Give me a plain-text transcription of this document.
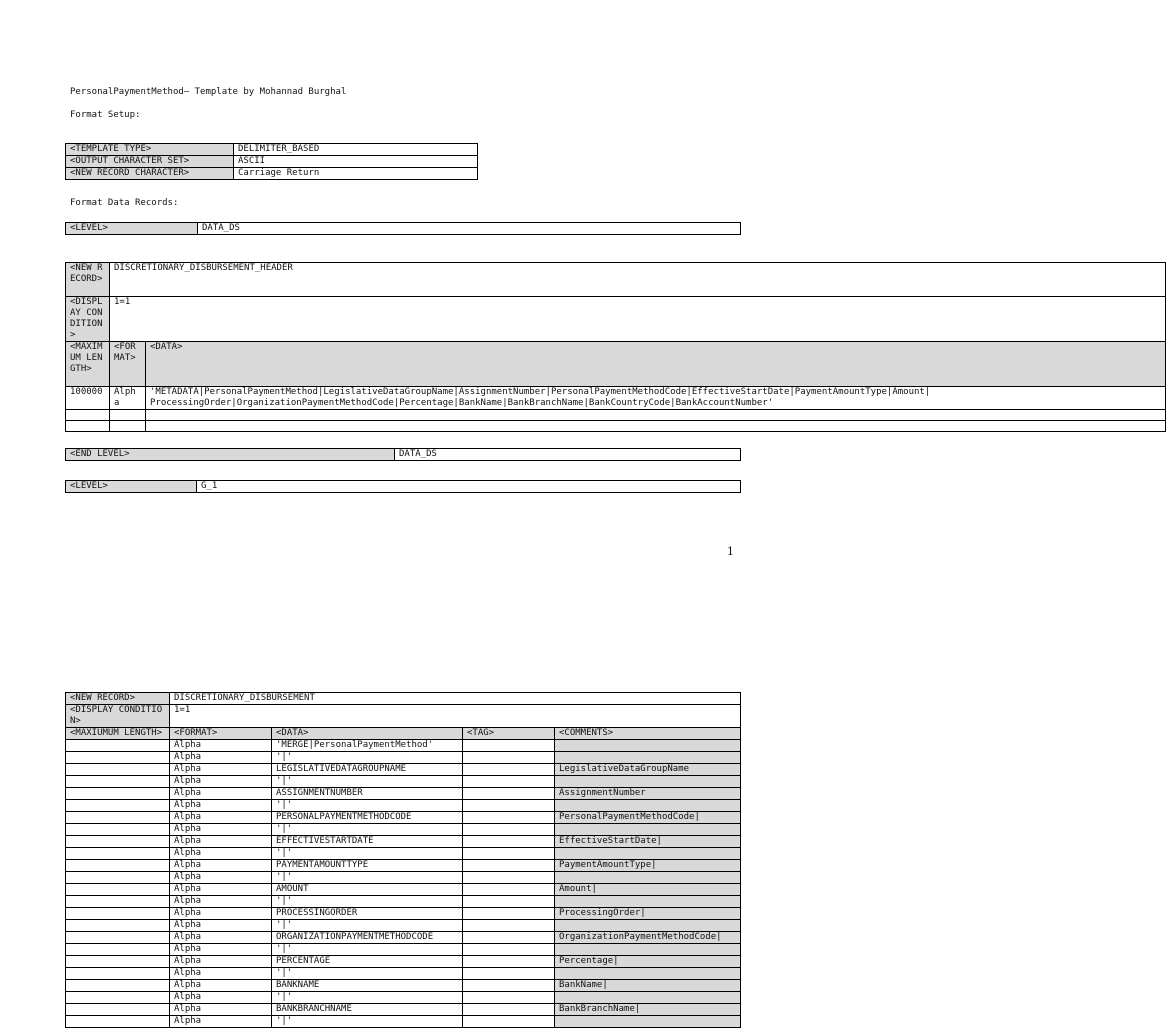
PersonalPaymentMethod– Template by Mohannad Burghal
Format Setup:
<TEMPLATE TYPE>	DELIMITER_BASED
<OUTPUT CHARACTER SET>	ASCII
<NEW RECORD CHARACTER>	Carriage Return
Format Data Records:
<LEVEL>	DATA_DS
<NEW RECORD>	DISCRETIONARY_DISBURSEMENT_HEADER	
<DISPLAY CONDITION>	1=1	
<MAXIMUM LENGTH>	<FORMAT>	<DATA>
100000	Alpha	'METADATA|PersonalPaymentMethod|LegislativeDataGroupName|AssignmentNumber|PersonalPaymentMethodCode|EffectiveStartDate|PaymentAmountType|Amount|
ProcessingOrder|OrganizationPaymentMethodCode|Percentage|BankName|BankBranchName|BankCountryCode|BankAccountNumber'

<END LEVEL>	DATA_DS
<LEVEL>	G_1
1
<NEW RECORD>	DISCRETIONARY_DISBURSEMENT			
<DISPLAY CONDITION>	1=1			
<MAXIUMUM LENGTH>	<FORMAT>	<DATA>	<TAG>	<COMMENTS>
	Alpha	'MERGE|PersonalPaymentMethod'		
	Alpha	'|'		
	Alpha	LEGISLATIVEDATAGROUPNAME		LegislativeDataGroupName
	Alpha	'|'		
	Alpha	ASSIGNMENTNUMBER		AssignmentNumber
	Alpha	'|'		
	Alpha	PERSONALPAYMENTMETHODCODE		PersonalPaymentMethodCode|
	Alpha	'|'		
	Alpha	EFFECTIVESTARTDATE		EffectiveStartDate|
	Alpha	'|'		
	Alpha	PAYMENTAMOUNTTYPE		PaymentAmountType|
	Alpha	'|'		
	Alpha	AMOUNT		Amount|
	Alpha	'|'		
	Alpha	PROCESSINGORDER		ProcessingOrder|
	Alpha	'|'		
	Alpha	ORGANIZATIONPAYMENTMETHODCODE		OrganizationPaymentMethodCode|
	Alpha	'|'		
	Alpha	PERCENTAGE		Percentage|
	Alpha	'|'		
	Alpha	BANKNAME		BankName|
	Alpha	'|'		
	Alpha	BANKBRANCHNAME		BankBranchName|
	Alpha	'|'		
